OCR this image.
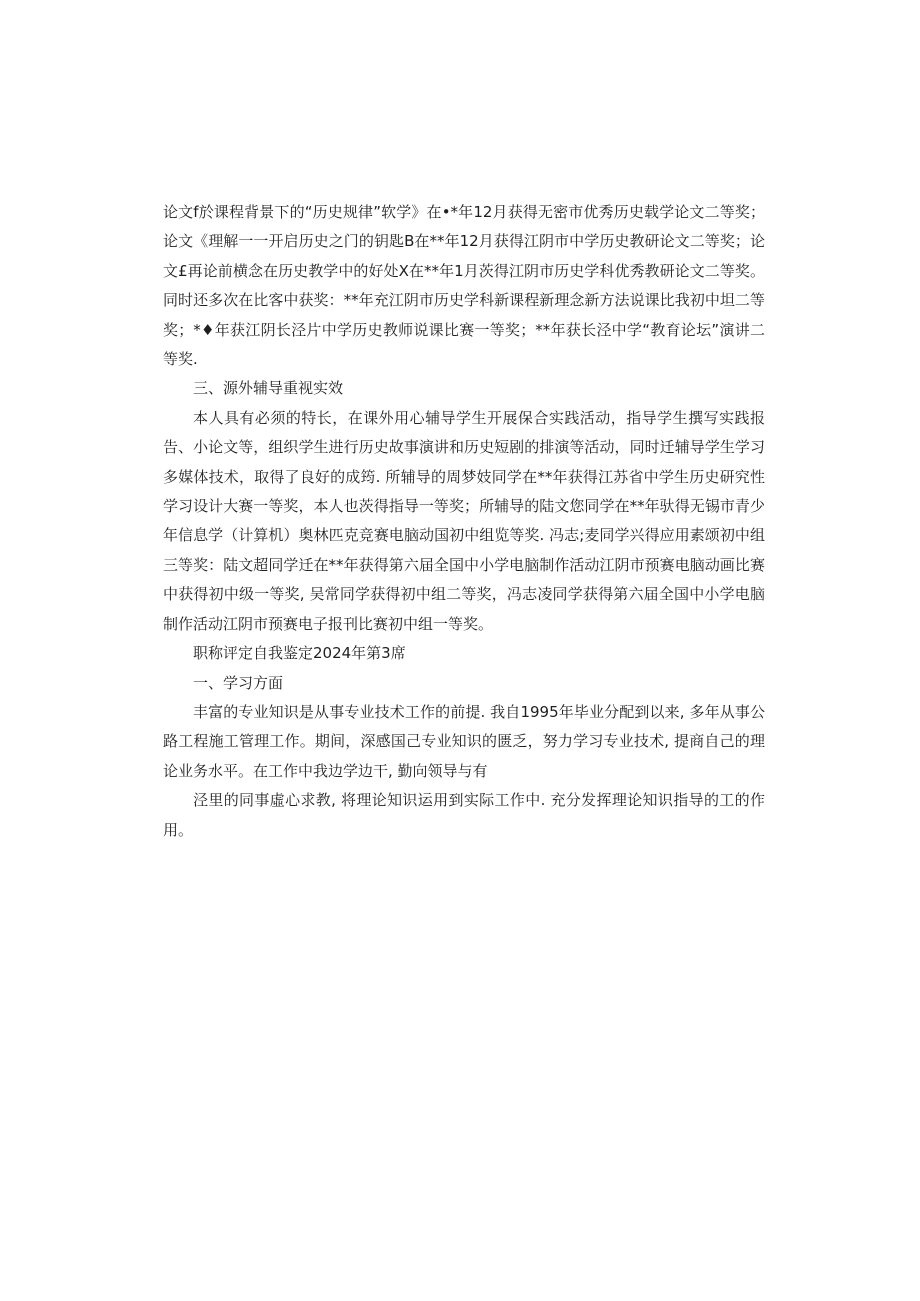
论文f於课程背景下的“历史规律”软学》在•*年12月获得无密市优秀历史载学论文二等奖；论文《理解一一开启历史之门的钥匙B在**年12月获得江阴市中学历史教研论文二等奖；论文£再论前横念在历史教学中的好处X在**年1月茨得江阴市历史学科优秀教研论文二等奖。同时还多次在比客中获奖：**年充江阴市历史学科新课程新理念新方法说课比我初中坦二等奖；*♦年获江阴长泾片中学历史教师说课比赛一等奖；**年获长泾中学“教育论坛”演讲二等奖.

三、源外辅导重视实效

本人具有必须的特长，在课外用心辅导学生开展保合实践活动，指导学生撰写实践报告、小论文等，组织学生进行历史故事演讲和历史短剧的排演等活动，同时迁辅导学生学习多媒体技术，取得了良好的成筠. 所辅导的周梦妓同学在**年获得江苏省中学生历史研究性学习设计大赛一等奖，本人也茨得指导一等奖；所辅导的陆文您同学在**年驮得无锡市青少年信息学（计算机）奥林匹克竞赛电脑动国初中组览等奖. 冯志;麦同学兴得应用素颂初中组三等奖：陆文超同学迁在**年获得第六届全国中小学电脑制作活动江阴市预赛电脑动画比赛中获得初中级一等奖, 吴常同学获得初中组二等奖，冯志凌同学获得第六届全国中小学电脑制作活动江阴市预赛电子报刊比赛初中组一等奖。

职称评定自我鉴定2024年第3席

一、学习方面

丰富的专业知识是从事专业技术工作的前提. 我自1995年毕业分配到以来, 多年从事公路工程施工管理工作。期间，深感国己专业知识的匮乏，努力学习专业技术, 提商自己的理论业务水平。在工作中我边学边干, 勤向领导与有

泾里的同事虛心求教, 将理论知识运用到实际工作中. 充分发挥理论知识指导的工的作用。
